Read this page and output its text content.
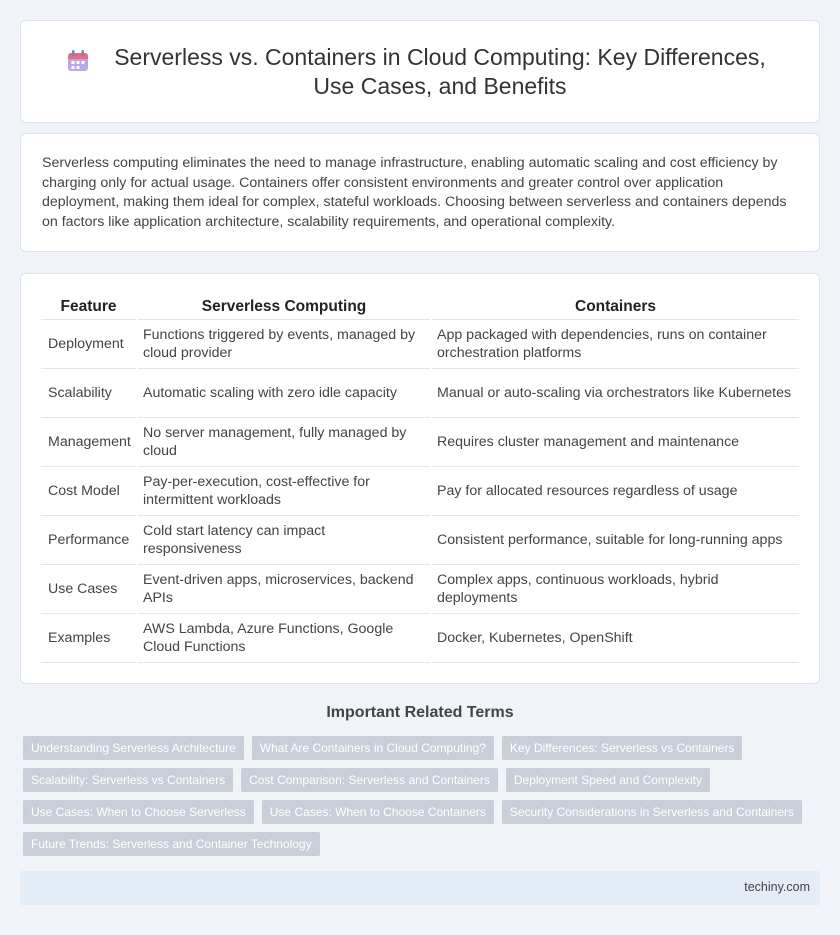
Serverless vs. Containers in Cloud Computing: Key Differences, Use Cases, and Benefits

Serverless computing eliminates the need to manage infrastructure, enabling automatic scaling and cost efficiency by charging only for actual usage. Containers offer consistent environments and greater control over application deployment, making them ideal for complex, stateful workloads. Choosing between serverless and containers depends on factors like application architecture, scalability requirements, and operational complexity.

Feature	Serverless Computing	Containers
Deployment	Functions triggered by events, managed by cloud provider	App packaged with dependencies, runs on container orchestration platforms
Scalability	Automatic scaling with zero idle capacity	Manual or auto-scaling via orchestrators like Kubernetes
Management	No server management, fully managed by cloud	Requires cluster management and maintenance
Cost Model	Pay-per-execution, cost-effective for intermittent workloads	Pay for allocated resources regardless of usage
Performance	Cold start latency can impact responsiveness	Consistent performance, suitable for long-running apps
Use Cases	Event-driven apps, microservices, backend APIs	Complex apps, continuous workloads, hybrid deployments
Examples	AWS Lambda, Azure Functions, Google Cloud Functions	Docker, Kubernetes, OpenShift
Important Related Terms
Understanding Serverless Architecture	What Are Containers in Cloud Computing?	Key Differences: Serverless vs Containers
Scalability: Serverless vs Containers	Cost Comparison: Serverless and Containers	Deployment Speed and Complexity
Use Cases: When to Choose Serverless	Use Cases: When to Choose Containers	Security Considerations in Serverless and Containers
Future Trends: Serverless and Container Technology
techiny.com
